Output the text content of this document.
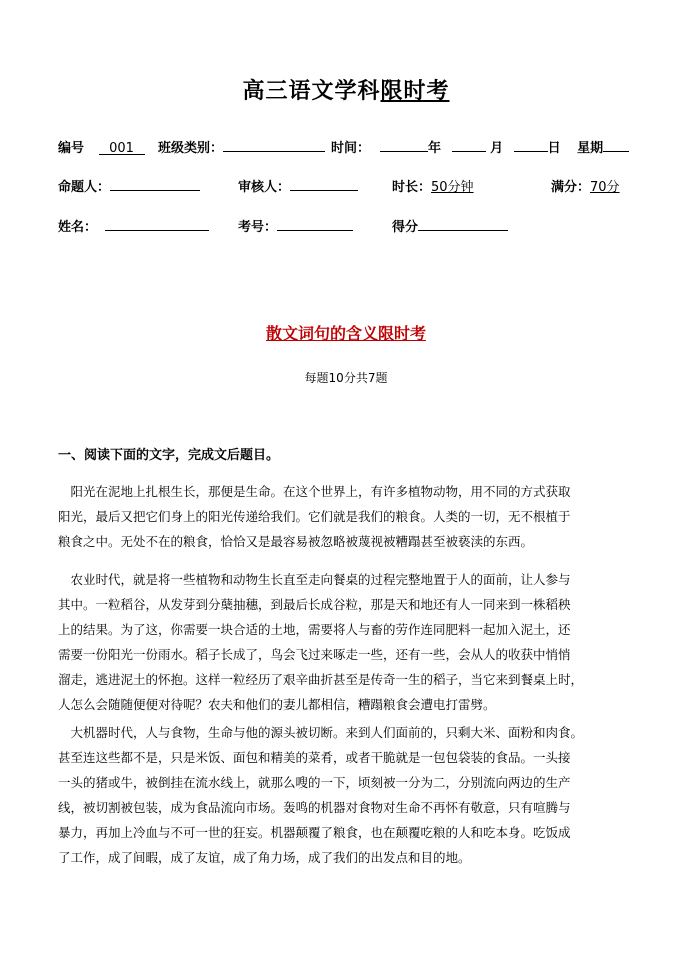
高三语文学科限时考
编号 001	班级类别：	时间：	年	月	日 星期
命题人：	审核人：	时长：50分钟	满分：70分
姓名：	考号：	得分
散文词句的含义限时考
每题10分共7题
一、阅读下面的文字，完成文后题目。
　阳光在泥地上扎根生长，那便是生命。在这个世界上，有许多植物动物，用不同的方式获取
阳光，最后又把它们身上的阳光传递给我们。它们就是我们的粮食。人类的一切，无不根植于
粮食之中。无处不在的粮食，恰恰又是最容易被忽略被蔑视被糟蹋甚至被亵渎的东西。
　农业时代，就是将一些植物和动物生长直至走向餐桌的过程完整地置于人的面前，让人参与
其中。一粒稻谷，从发芽到分蘖抽穗，到最后长成谷粒，那是天和地还有人一同来到一株稻秧
上的结果。为了这，你需要一块合适的土地，需要将人与畜的劳作连同肥料一起加入泥土，还
需要一份阳光一份雨水。稻子长成了，鸟会飞过来啄走一些，还有一些，会从人的收获中悄悄
溜走，逃进泥土的怀抱。这样一粒经历了艰辛曲折甚至是传奇一生的稻子，当它来到餐桌上时，
人怎么会随随便便对待呢？农夫和他们的妻儿都相信，糟蹋粮食会遭电打雷劈。
　大机器时代，人与食物，生命与他的源头被切断。来到人们面前的，只剩大米、面粉和肉食。
甚至连这些都不是，只是米饭、面包和精美的菜肴，或者干脆就是一包包袋装的食品。一头接
一头的猪或牛，被倒挂在流水线上，就那么嗖的一下，顷刻被一分为二，分别流向两边的生产
线，被切割被包装，成为食品流向市场。轰鸣的机器对食物对生命不再怀有敬意，只有喧腾与
暴力，再加上冷血与不可一世的狂妄。机器颠覆了粮食，也在颠覆吃粮的人和吃本身。吃饭成
了工作，成了间暇，成了友谊，成了角力场，成了我们的出发点和目的地。
